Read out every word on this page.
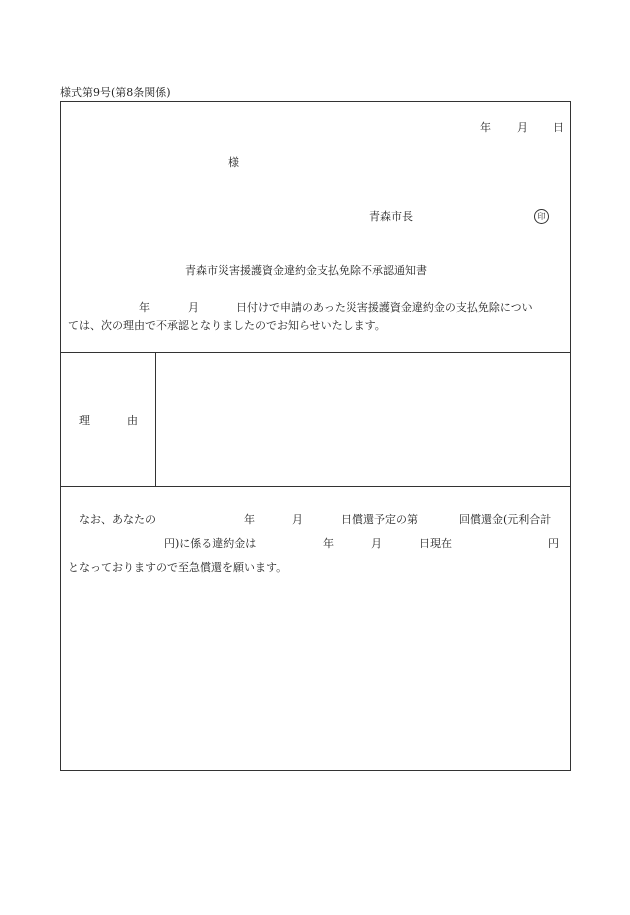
様式第9号(第8条関係)
年 月 日
様
青森市長	印
青森市災害援護資金違約金支払免除不承認通知書
年	月	日付けで申請のあった災害援護資金違約金の支払免除につい
ては、次の理由で不承認となりましたのでお知らせいたします。
理	由
なお、あなたの	年	月	日償還予定の第	回償還金(元利合計
円)に係る違約金は	年	月	日現在	円
となっておりますので至急償還を願います。
